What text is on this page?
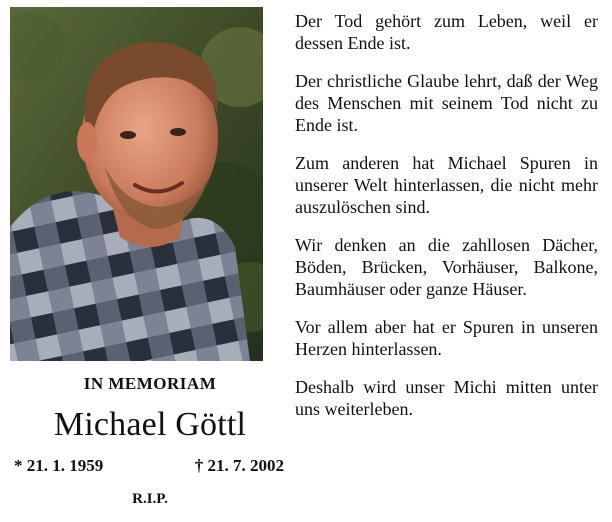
IN MEMORIAM
Michael Göttl
* 21. 1. 1959	† 21. 7. 2002
R.I.P.

Der Tod gehört zum Leben, weil er dessen Ende ist.

Der christliche Glaube lehrt, daß der Weg des Menschen mit seinem Tod nicht zu Ende ist.

Zum anderen hat Michael Spuren in unserer Welt hinterlassen, die nicht mehr auszulöschen sind.

Wir denken an die zahllosen Dächer, Böden, Brücken, Vorhäuser, Balkone, Baumhäuser oder ganze Häuser.

Vor allem aber hat er Spuren in unseren Herzen hinterlassen.

Deshalb wird unser Michi mitten unter uns weiterleben.
